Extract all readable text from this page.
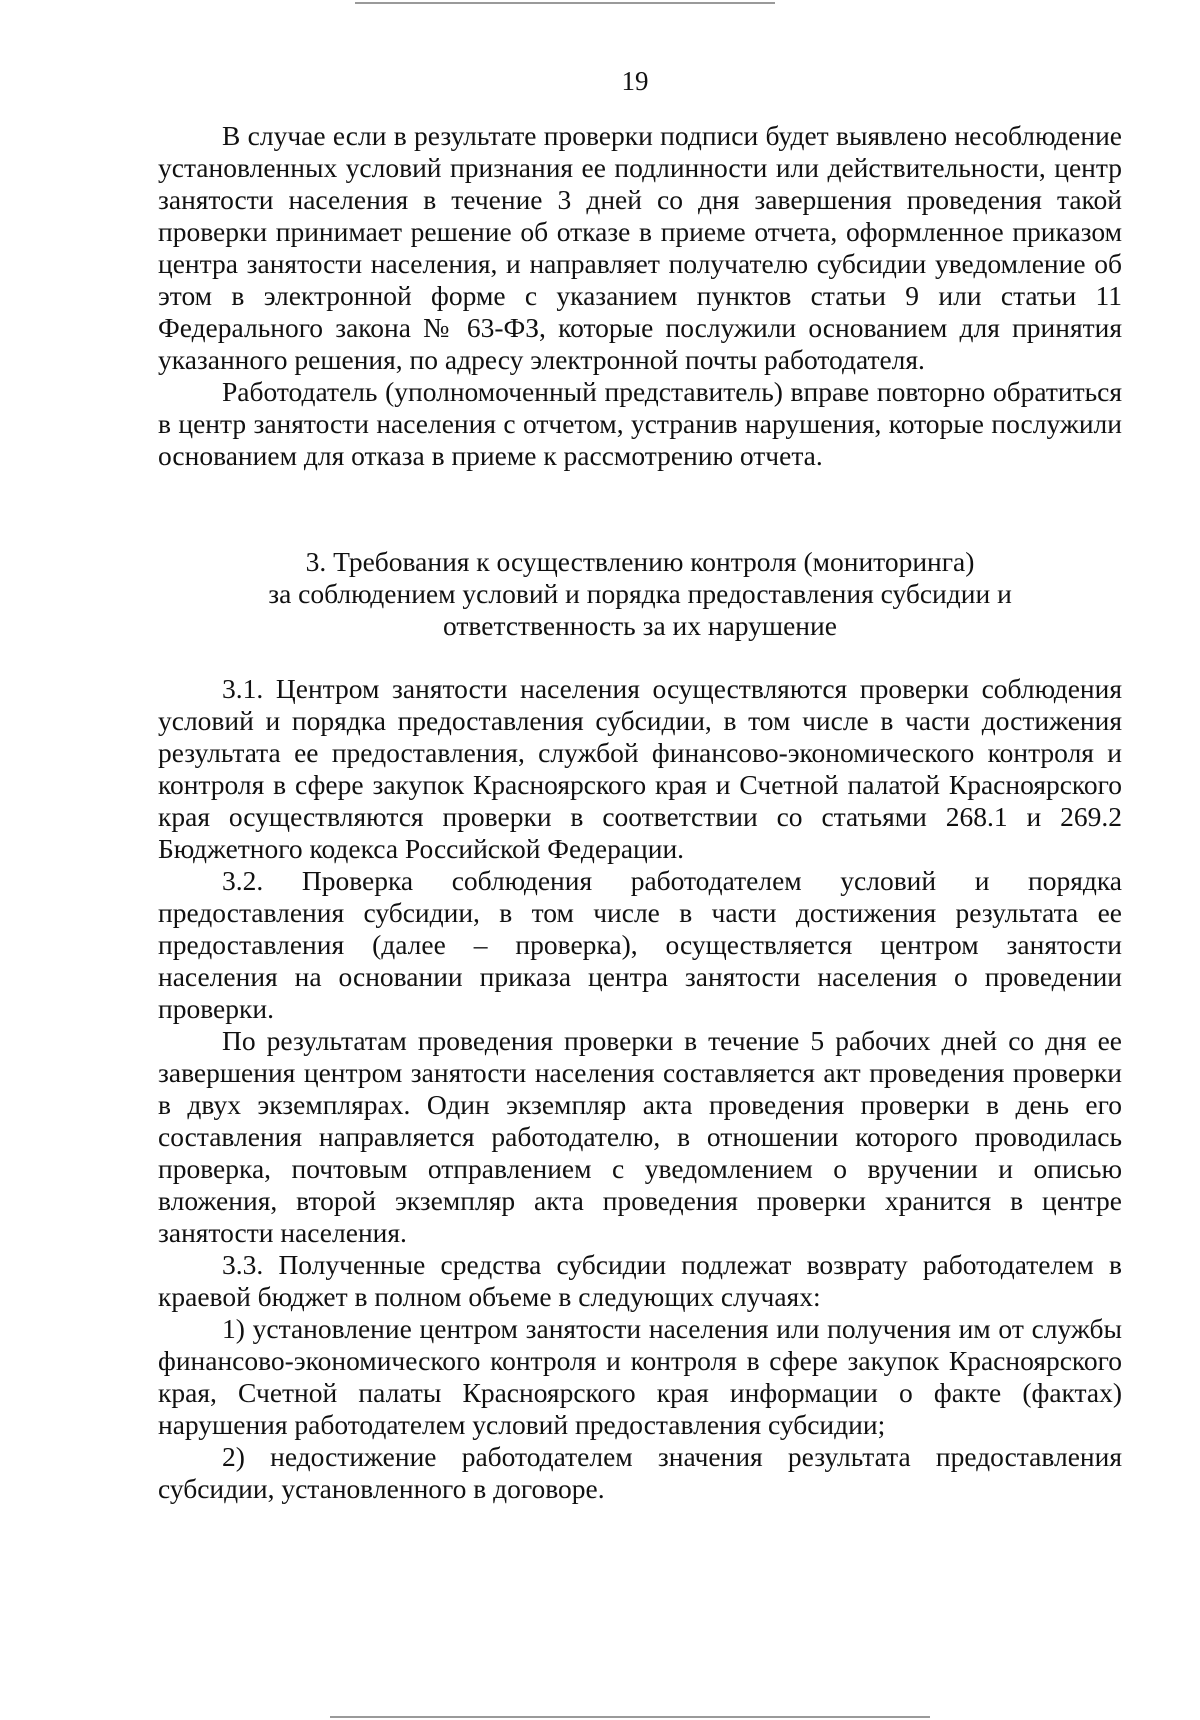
19

В случае если в результате проверки подписи будет выявлено несоблюдение установленных условий признания ее подлинности или действительности, центр занятости населения в течение 3 дней со дня завершения проведения такой проверки принимает решение об отказе в приеме отчета, оформленное приказом центра занятости населения, и направляет получателю субсидии уведомление об этом в электронной форме с указанием пунктов статьи 9 или статьи 11 Федерального закона № 63-ФЗ, которые послужили основанием для принятия указанного решения, по адресу электронной почты работодателя.

Работодатель (уполномоченный представитель) вправе повторно обратиться в центр занятости населения с отчетом, устранив нарушения, которые послужили основанием для отказа в приеме к рассмотрению отчета.

3. Требования к осуществлению контроля (мониторинга)
за соблюдением условий и порядка предоставления субсидии и
ответственность за их нарушение

3.1. Центром занятости населения осуществляются проверки соблюдения условий и порядка предоставления субсидии, в том числе в части достижения результата ее предоставления, службой финансово-экономического контроля и контроля в сфере закупок Красноярского края и Счетной палатой Красноярского края осуществляются проверки в соответствии со статьями 268.1 и 269.2 Бюджетного кодекса Российской Федерации.

3.2. Проверка соблюдения работодателем условий и порядка предоставления субсидии, в том числе в части достижения результата ее предоставления (далее – проверка), осуществляется центром занятости населения на основании приказа центра занятости населения о проведении проверки.

По результатам проведения проверки в течение 5 рабочих дней со дня ее завершения центром занятости населения составляется акт проведения проверки в двух экземплярах. Один экземпляр акта проведения проверки в день его составления направляется работодателю, в отношении которого проводилась проверка, почтовым отправлением с уведомлением о вручении и описью вложения, второй экземпляр акта проведения проверки хранится в центре занятости населения.

3.3. Полученные средства субсидии подлежат возврату работодателем в краевой бюджет в полном объеме в следующих случаях:

1) установление центром занятости населения или получения им от службы финансово-экономического контроля и контроля в сфере закупок Красноярского края, Счетной палаты Красноярского края информации о факте (фактах) нарушения работодателем условий предоставления субсидии;

2) недостижение работодателем значения результата предоставления субсидии, установленного в договоре.
